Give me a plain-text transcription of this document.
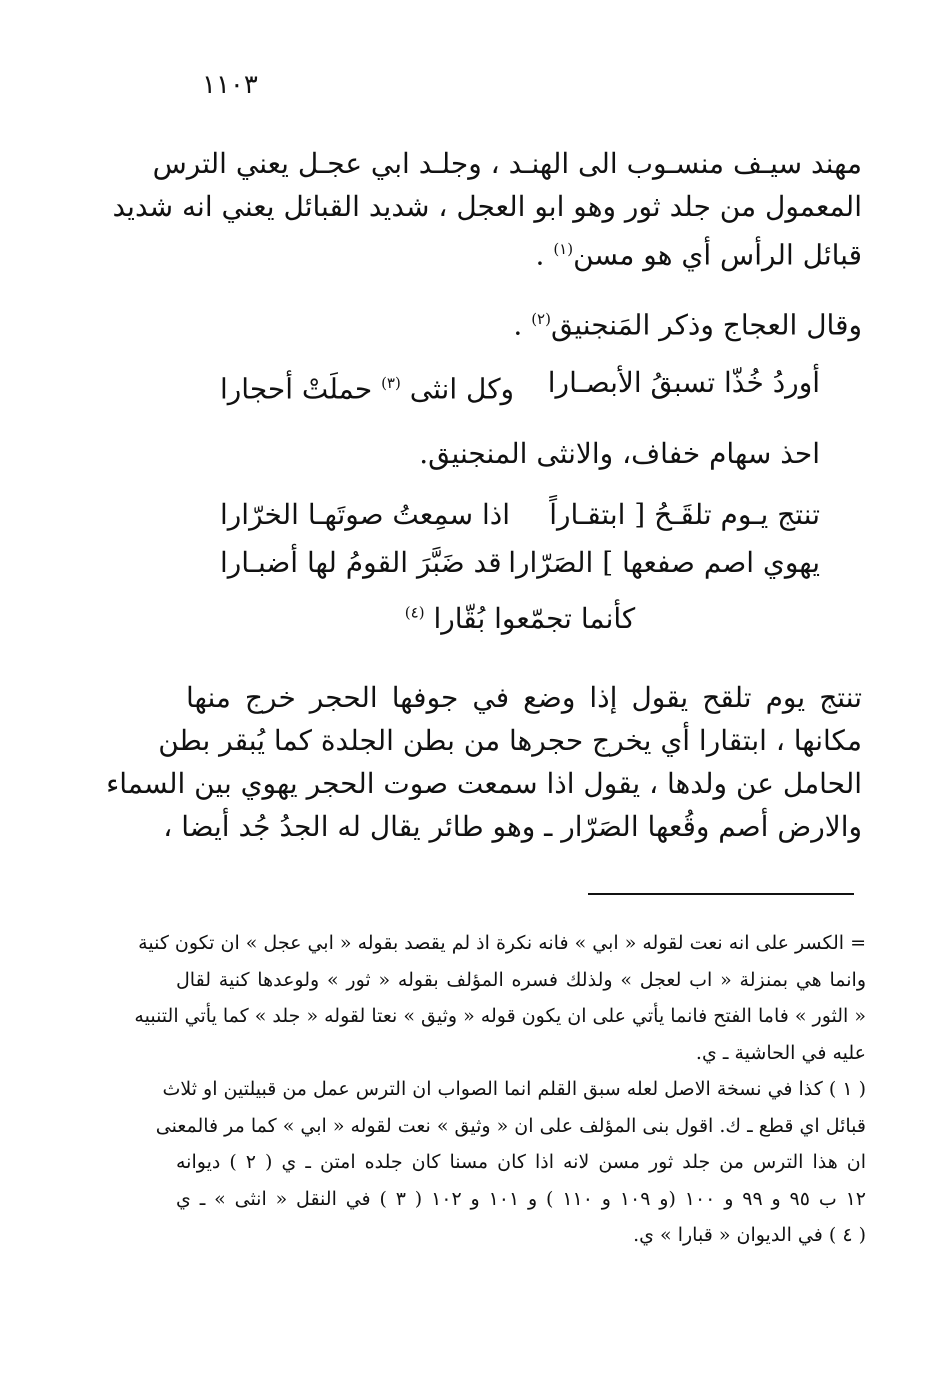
١١٠٣
مهند سيـف منسـوب الى الهنـد ، وجلـد ابي عجـل يعني الترس
المعمول من جلد ثور وهو ابو العجل ، شديد القبائل يعني انه شديد
قبائل الرأس أي هو مسن$^{(١)}$ .
وقال العجاج وذكر المَنجنيق$^{(٢)}$ .
أوردُ خُذّا تسبقُ الأبصـارا
وكل انثى $^{(٣)}$ حملَتْ أحجارا
احذ سهام خفاف، والانثى المنجنيق.
تنتج يـوم تلقَـحُ [ ابتقـاراً
اذا سمِعتُ صوتَهـا الخرّارا
يهوي اصم صفعها ] الصَرّارا
قد ضَبَّرَ القومُ لها أضبـارا
كأنما تجمّعوا بُقّارا $^{(٤)}$
تنتج يوم تلقح يقول إذا وضع في جوفها الحجر خرج منها
مكانها ، ابتقارا أي يخرج حجرها من بطن الجلدة كما يُبقر بطن
الحامل عن ولدها ، يقول اذا سمعت صوت الحجر يهوي بين السماء
والارض أصم وقُعها الصَرّار ـ وهو طائر يقال له الجدُ جُد أيضا ،
= الكسر على انه نعت لقوله « ابي » فانه نكرة اذ لم يقصد بقوله « ابي عجل » ان تكون كنية
وانما هي بمنزلة « اب لعجل » ولذلك فسره المؤلف بقوله « ثور » ولوعدها كنية لقال
« الثور » فاما الفتح فانما يأتي على ان يكون قوله « وثيق » نعتا لقوله « جلد » كما يأتي التنبيه
عليه في الحاشية ـ ي.
( ١ ) كذا في نسخة الاصل لعله سبق القلم انما الصواب ان الترس عمل من قبيلتين او ثلاث
قبائل اي قطع ـ ك. اقول بنى المؤلف على ان « وثيق » نعت لقوله « ابي » كما مر فالمعنى
ان هذا الترس من جلد ثور مسن لانه اذا كان مسنا كان جلده امتن ـ ي ( ٢ ) ديوانه
١٢ ب ٩٥ و ٩٩ و ١٠٠ (و ١٠٩ و ١١٠ ) و ١٠١ و ١٠٢ ( ٣ ) في النقل « انثى » ـ ي
( ٤ ) في الديوان « قبارا » ي.
